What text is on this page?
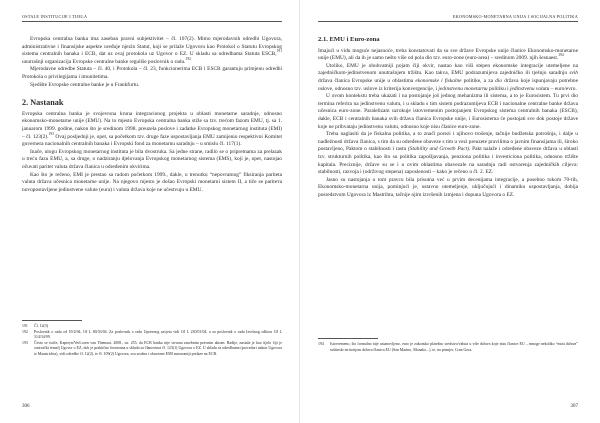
OSTALE INSTITUCIJE I TIJELA

Evropska centralna banka ima zaseban pravni subjektivitet – čl. 107(2). Mimo mjerodavnih odredbi Ugovora, administrativne i finansijske aspekte uređuje njezin Statut, koji se prilaže Ugovoru kao Protokol o Statutu Evropskog sistema centralnih banaka i ECB, dat uz ovaj protokola uz Ugovor o EZ. U skladu sa odredbama Statuta ESCB,$^{191}$ unutrašnji organizacija Evropske centralne banke regulišе poslovnik o radu.$^{192}$

Mjerodavne odredbe Statuta – čl. 40, i Protokola – čl. 23, funkcionerima ECB i ESCB garantuju primjenu odredbi Protokola o privilegijama i imunitetima.

Sjedište Evropske centralne banke je u Frankfurtu.

2. Nastanak

Evropska centralna banka je svojevrsna kruna integracionog projekta u oblasti monetarne saradnje, odnosno ekonomsko-monetarne unije (EMU). Na to mjesto Evropska centralna banka stiže sa tzv. trećom fazom EMU, tj. sa 1. januarom 1999. godine, nakon što je sredinom 1998. preuzela poslove i zadatke Evropskog monetarnog instituta (EMI) – čl. 123(2).$^{193}$ Ovaj posljednji je, opet, sa početkom tzv. druge faze uspostavljanja EMU zamijenio respektivni Komitet guvernera nacionalnih centralnih banaka i Evropski fond za monetarnu saradnju – u smislu čl. 117(1).

Inače, ulogu Evropskog monetarnog instituta je bila dvostruka. Sa jedne strane, radilo se o pripremama za prelazak u treću fazu EMU, a, sa druge, o nadziranju djelovanja Evropskog monetarnog sistema (EMS), koji je, opet, nastojao očuvati paritet valuta država članica u određenim okvirima.

Kao što je rečeno, EMI je prestao sa radom početkom 1999., dakle, u trenutku “nepovratnog” fiksiranja pariteta valuta država učesnica monetarne unije. Na njegovo mjesto je došao Evropski monetarni sistem II, a tiče se paritета novopostavljene jedinstvene valute (eura) i valuta država koje ne učestvuju u EMU.

191	Čl. 12(3)
192	Poslovnik o radu od 19/2/04, OJ L 80/33/04. Za poslovnik o radu Upravnog savjeta vidi OJ L 230/01/04, a za poslovnik o radu Izvršnog odbora OJ L 314/34/99.
193	Često se ističe, Kapteyn/VerLoren van Themaat, 2008., str. 255, da ECB banka nije stvarna zasebnim pravnim aktom. Radije, nastala je kao tijelo čiji je osnivački temelj Ugovor o EZ, dok je praktično formirana u skladu sa članovima čl. 123(1) Ugovora o EZ. U skladu sa odredbama (proceduri nakon Ugovora iz Maastrichta), vidi odredbe čl. 12(2), te čl. 109(2) Ugovora, sva srodna i obavezne EMI autonomiji prelaze na ECB.
306
EKONOMSKO-MONETARNA UNIJA I SOCIJALNA POLITIKA
2.1. EMU i Euro-zona

Imajući u vidu moguće nejasnoće, treba konstatovati da su sve države Evropske unije članice Ekonomsko-monetarne unije (EMU), ali da ih je samo nešto više od pola dio tzv. euro-zone (euro-area) – sredinom 2009. njih šesnaest.$^{194}$

Utoliko, EMU je obuhvatniji pojam čiji okvir, nastao kao viši stepen ekonomske integracije utemeljene na zajedničkom-jedinstvenom unutrašnjem tržištu. Kao takva, EMU podrazumijeva zajedničko ili tješnjo saradnju svih država članica Evropske unije u oblastima ekonomske i fiskalne politike, a za dio država koje ispunjavaju potrebne uslove, odnosno tzv. uslove iz kriterija konvergencije, i jedinstvenu monetarnu politiku i jedinstvenu valutu – euro/evro.

U ovom kontekstu treba ukazati i na postojanje još jednog mehanizma ili sistema, a to je Eurosistem. Tu prvi dio termina referira na jedinstvenu valutu, i u skladu s tim sistem podrazumijeva ECB i nacionalne centralne banke država učesnica euro-zone. Paralelizam uzrokuje istovremenim postojanjem Evropskog sistema centralnih banaka (ESCB), dakle, ECB i centralnih banaka svih država članica Evropske unije, i Eurosistema će postojati sve dok postoje države koje ne prihvataju jedinstvenu valutu, odnosno koje nisu članice euro-zone.

Treba naglasiti da je fiskalna politika, a to znači porezi i njihovo trošenje, tačnije budžetska potrošnja, i dalje u nadležnosti država članica, s tim da su određene obaveze s tim u vezi preuzete pravilima o javnim finansijama ili, široko postavljeno, Paktom o stabilnosti i rastu (Stability and Growth Pact). Pakt nalaže i određene obaveze država u oblasti tzv. strukturnih politika, kao što su politika zapošljavanja, penziona politika i investiciona politika, odnosno tržište kapitala. Preciznije, države su se i u ovim oblastima obavezale na saradnju radi ostvarenja zajedničkih ciljeva: stabilnosti, razvoja i (održivog stepena) zaposlenosti – kako je rečeno u čl. 2. EZ.

Jasno su nastojanja u tom pravcu bila prisutna već u prvim decenijama integracije, a posebno tokom 70-tih, Ekonomsko-monetarna unija, pominjući je, ustavno utemeljenje, uključujući i dinamiku uspostavljanja, dobija posredstvom Ugovora iz Mastrihta, tačnije njim izvršenih izmjena i dopuna Ugovora o EZ.

194	Istovremeno, što formalno nije ustanovljeno, euro je zakonsko platežno sredstvo/valuta u više država koje nisu članice EU – mnoge nekoliko “mini država” suštinski teritorijom država članica EU (San Marino, Monako...), te, na primjer, Crna Gora.
307
